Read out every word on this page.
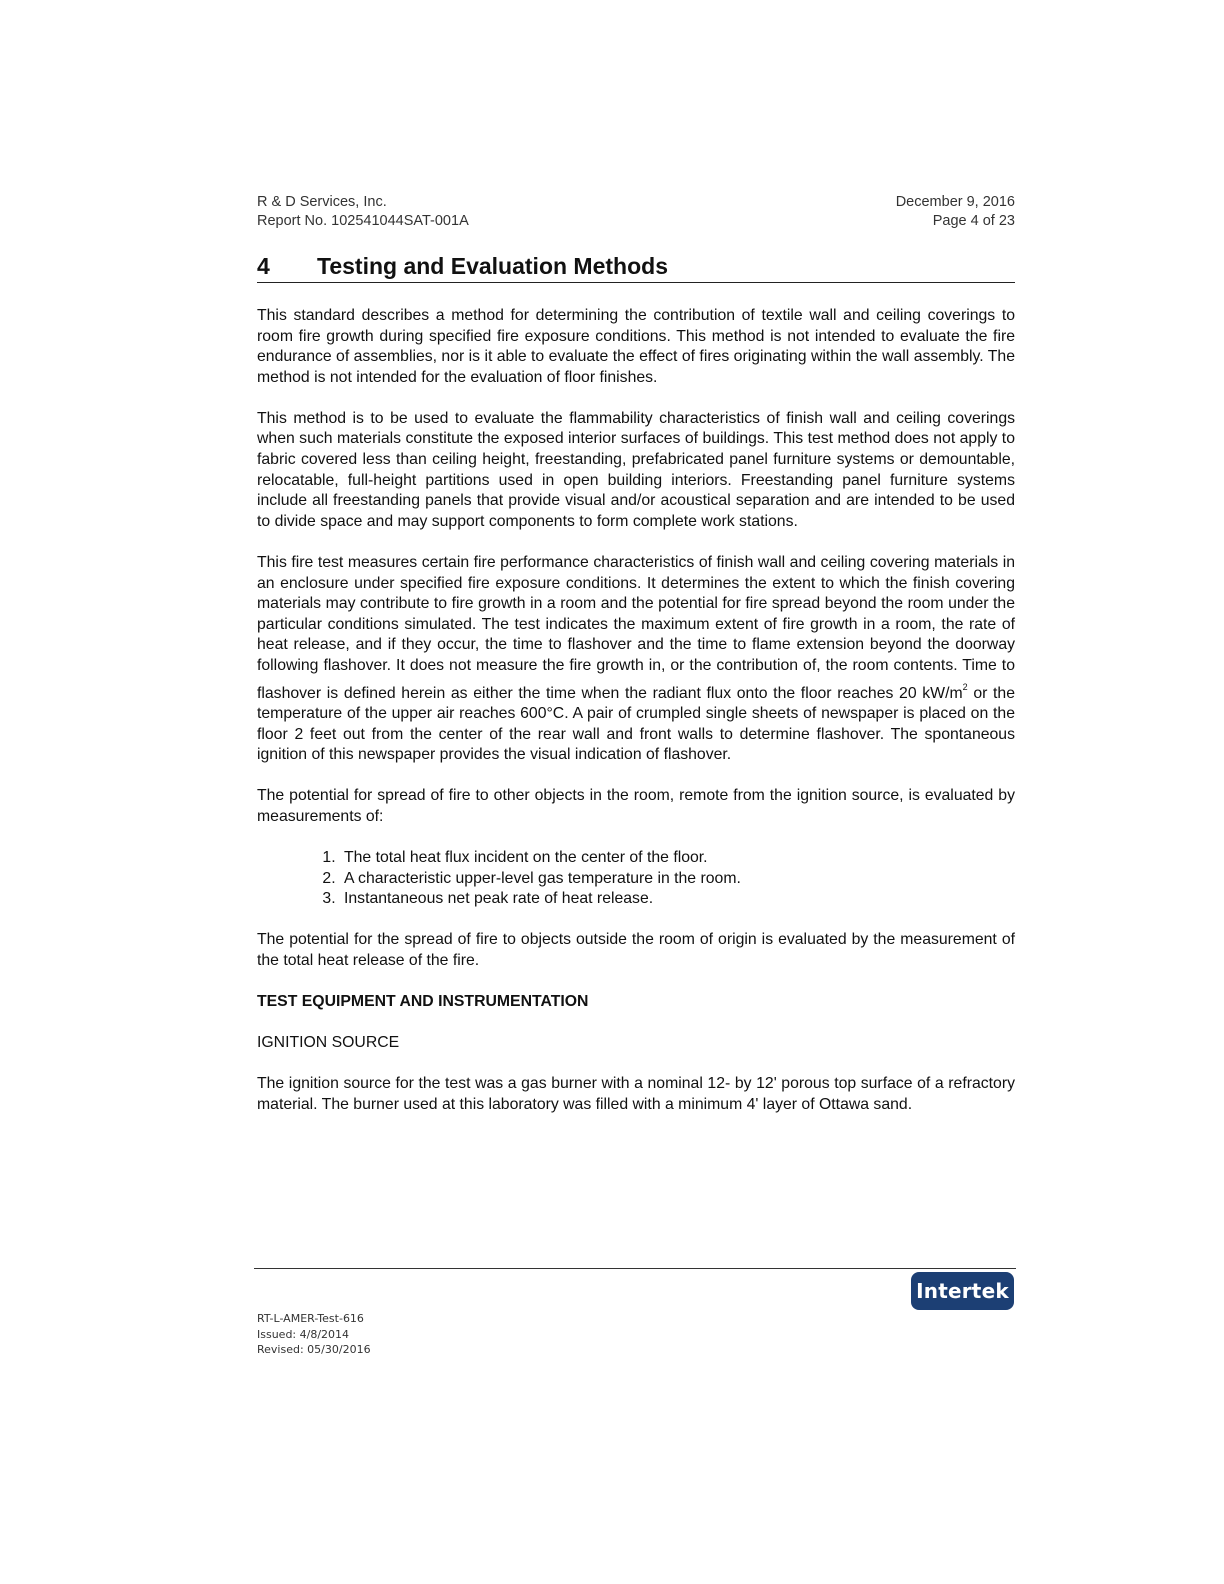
R & D Services, Inc.
Report No. 102541044SAT-001A
December 9, 2016
Page 4 of 23
4	Testing and Evaluation Methods

This standard describes a method for determining the contribution of textile wall and ceiling coverings to room fire growth during specified fire exposure conditions. This method is not intended to evaluate the fire endurance of assemblies, nor is it able to evaluate the effect of fires originating within the wall assembly. The method is not intended for the evaluation of floor finishes.

This method is to be used to evaluate the flammability characteristics of finish wall and ceiling coverings when such materials constitute the exposed interior surfaces of buildings. This test method does not apply to fabric covered less than ceiling height, freestanding, prefabricated panel furniture systems or demountable, relocatable, full-height partitions used in open building interiors. Freestanding panel furniture systems include all freestanding panels that provide visual and/or acoustical separation and are intended to be used to divide space and may support components to form complete work stations.

This fire test measures certain fire performance characteristics of finish wall and ceiling covering materials in an enclosure under specified fire exposure conditions. It determines the extent to which the finish covering materials may contribute to fire growth in a room and the potential for fire spread beyond the room under the particular conditions simulated. The test indicates the maximum extent of fire growth in a room, the rate of heat release, and if they occur, the time to flashover and the time to flame extension beyond the doorway following flashover. It does not measure the fire growth in, or the contribution of, the room contents. Time to flashover is defined herein as either the time when the radiant flux onto the floor reaches 20 $kW/m^2$ or the temperature of the upper air reaches 600°C. A pair of crumpled single sheets of newspaper is placed on the floor 2 feet out from the center of the rear wall and front walls to determine flashover. The spontaneous ignition of this newspaper provides the visual indication of flashover.

The potential for spread of fire to other objects in the room, remote from the ignition source, is evaluated by measurements of:

1. The total heat flux incident on the center of the floor.
2. A characteristic upper-level gas temperature in the room.
3. Instantaneous net peak rate of heat release.

The potential for the spread of fire to objects outside the room of origin is evaluated by the measurement of the total heat release of the fire.

TEST EQUIPMENT AND INSTRUMENTATION

IGNITION SOURCE

The ignition source for the test was a gas burner with a nominal 12- by 12' porous top surface of a refractory material. The burner used at this laboratory was filled with a minimum 4' layer of Ottawa sand.

Intertek
RT-L-AMER-Test-616
Issued: 4/8/2014
Revised: 05/30/2016
